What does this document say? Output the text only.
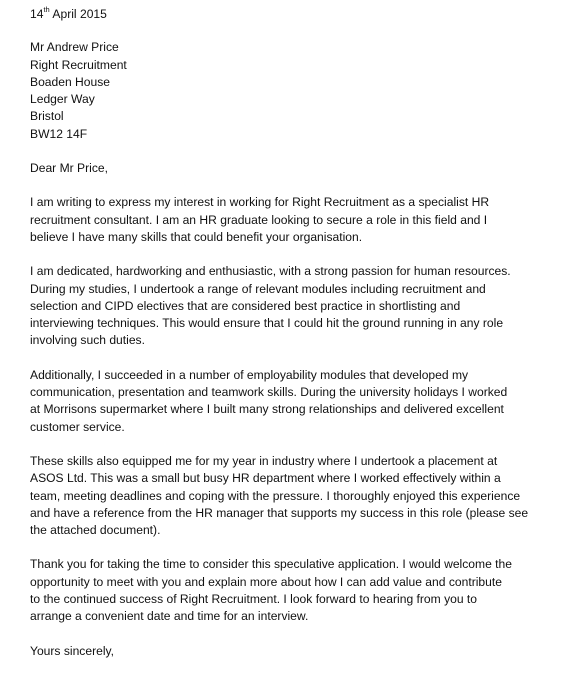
14th April 2015
Mr Andrew Price
Right Recruitment
Boaden House
Ledger Way
Bristol
BW12 14F
Dear Mr Price,
I am writing to express my interest in working for Right Recruitment as a specialist HR
recruitment consultant. I am an HR graduate looking to secure a role in this field and I
believe I have many skills that could benefit your organisation.
I am dedicated, hardworking and enthusiastic, with a strong passion for human resources.
During my studies, I undertook a range of relevant modules including recruitment and
selection and CIPD electives that are considered best practice in shortlisting and
interviewing techniques. This would ensure that I could hit the ground running in any role
involving such duties.
Additionally, I succeeded in a number of employability modules that developed my
communication, presentation and teamwork skills. During the university holidays I worked
at Morrisons supermarket where I built many strong relationships and delivered excellent
customer service.
These skills also equipped me for my year in industry where I undertook a placement at
ASOS Ltd. This was a small but busy HR department where I worked effectively within a
team, meeting deadlines and coping with the pressure. I thoroughly enjoyed this experience
and have a reference from the HR manager that supports my success in this role (please see
the attached document).
Thank you for taking the time to consider this speculative application. I would welcome the
opportunity to meet with you and explain more about how I can add value and contribute
to the continued success of Right Recruitment. I look forward to hearing from you to
arrange a convenient date and time for an interview.
Yours sincerely,
